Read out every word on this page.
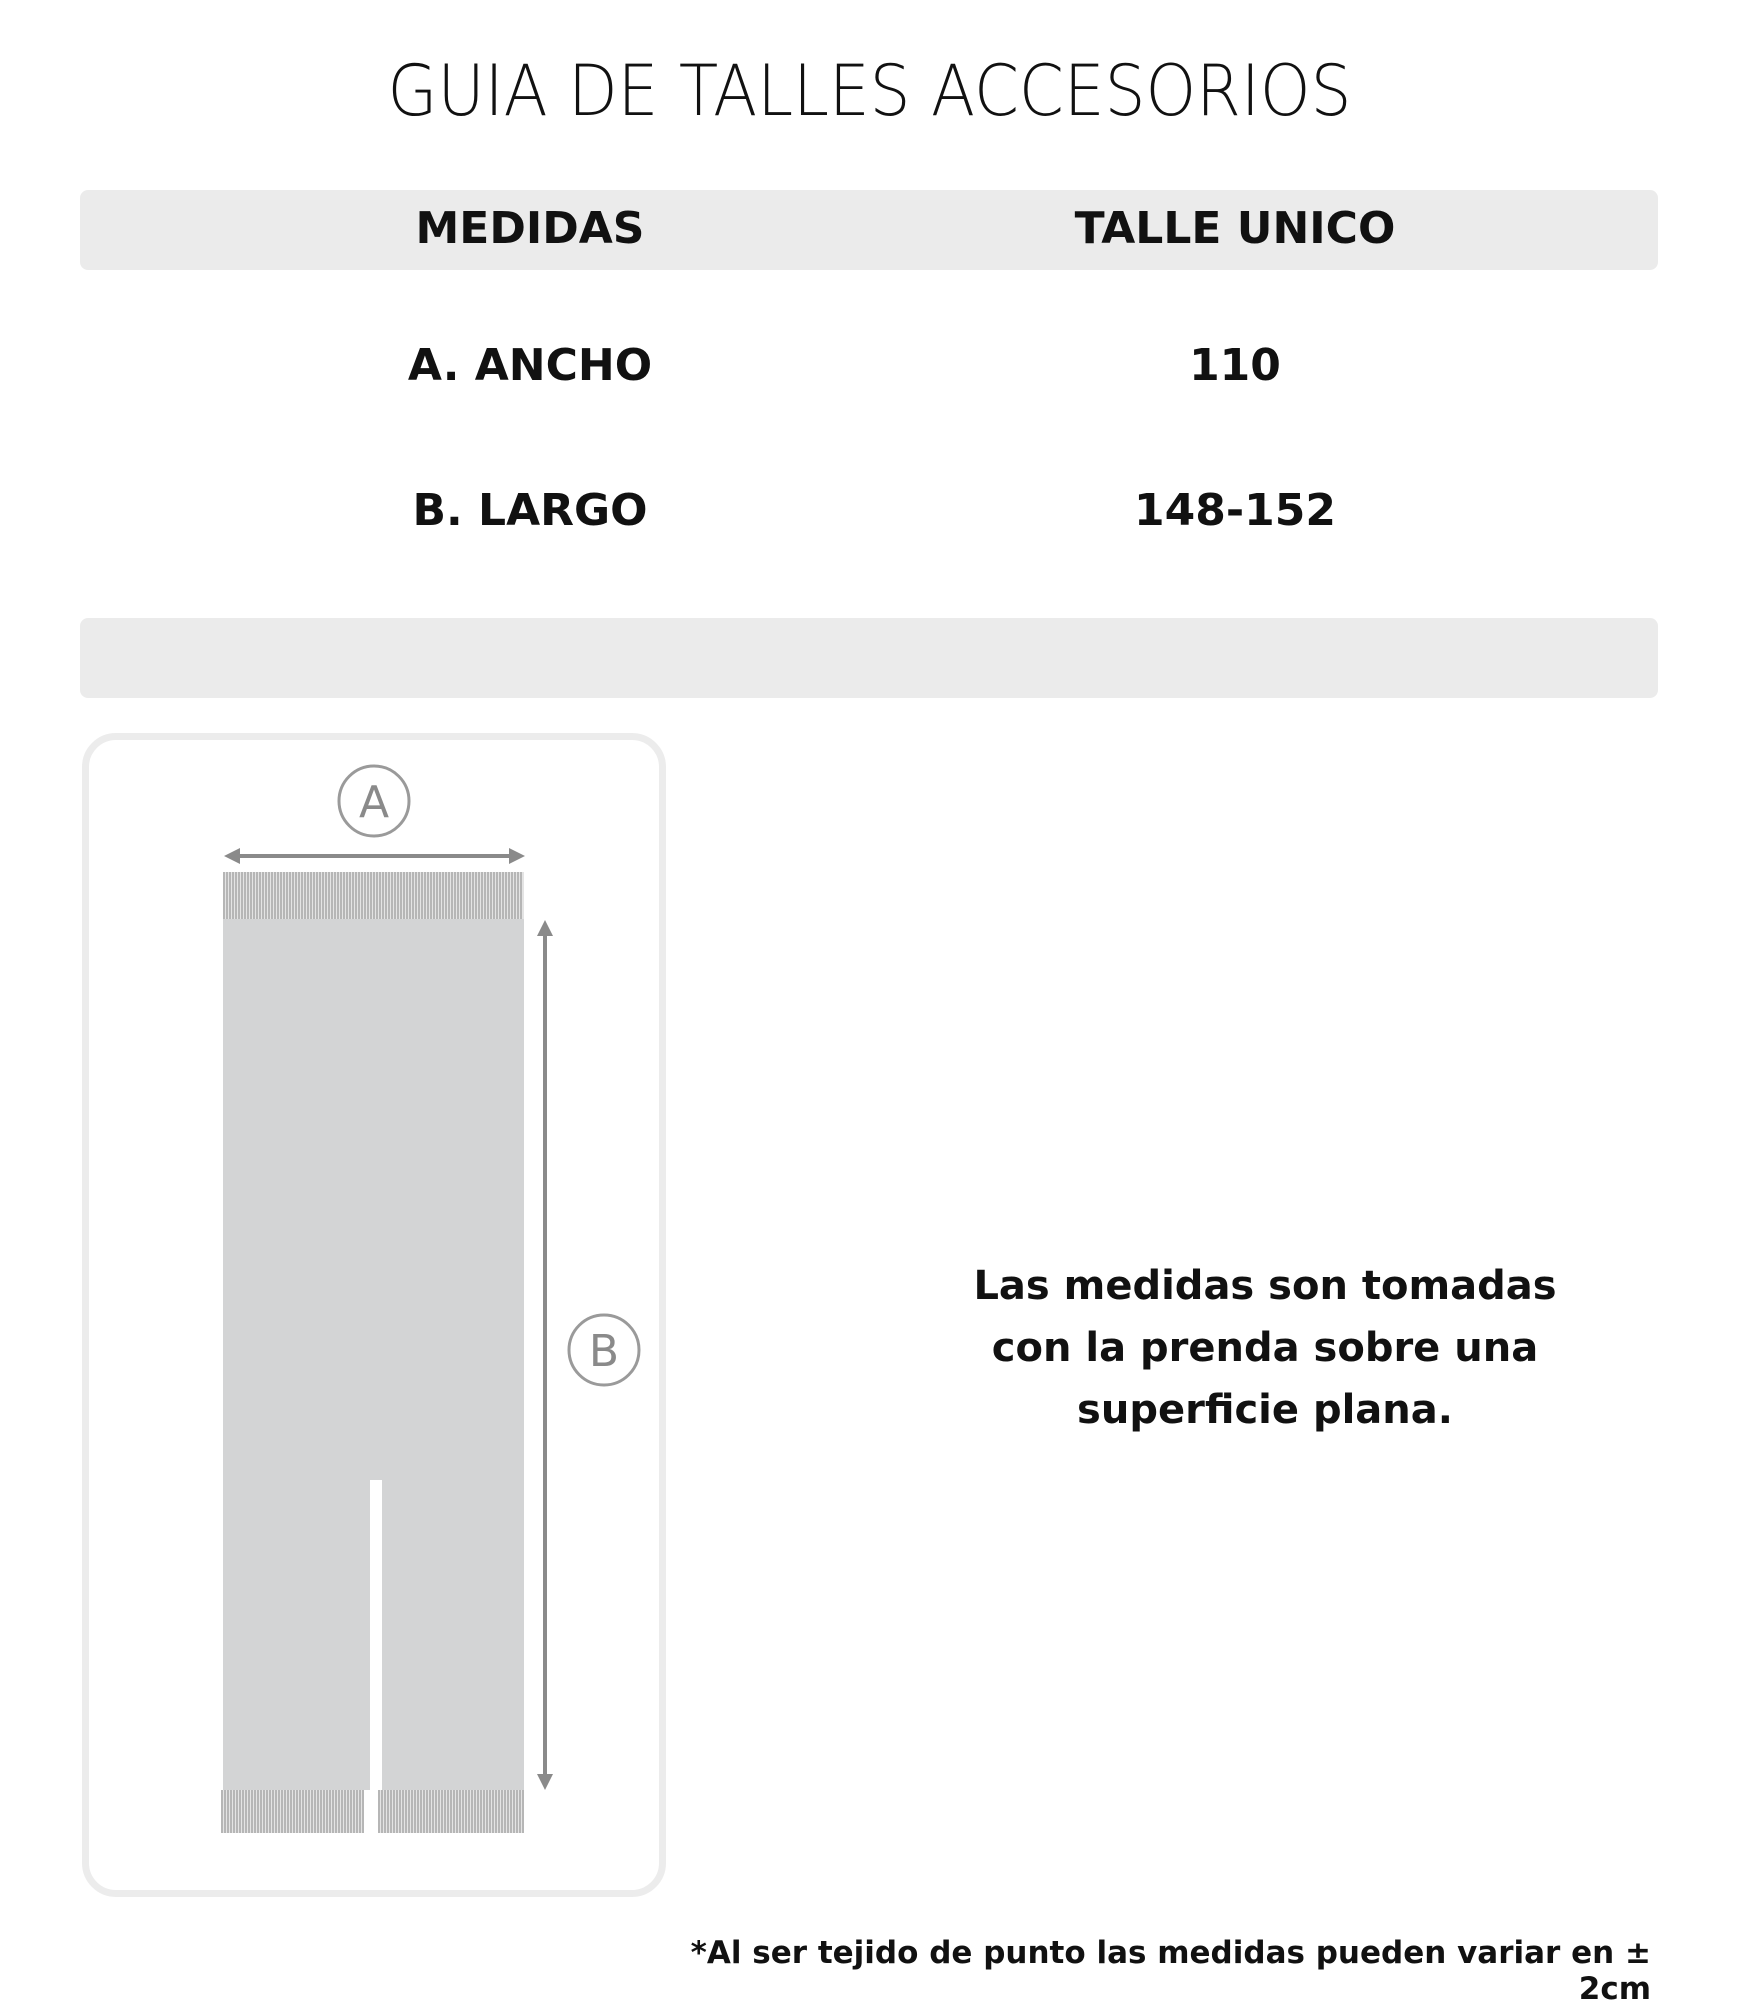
GUIA DE TALLES ACCESORIOS
MEDIDAS	TALLE UNICO
A. ANCHO	110
B. LARGO	148-152
A
B
Las medidas son tomadas con la prenda sobre una superficie plana.
*Al ser tejido de punto las medidas pueden variar en ± 2cm
